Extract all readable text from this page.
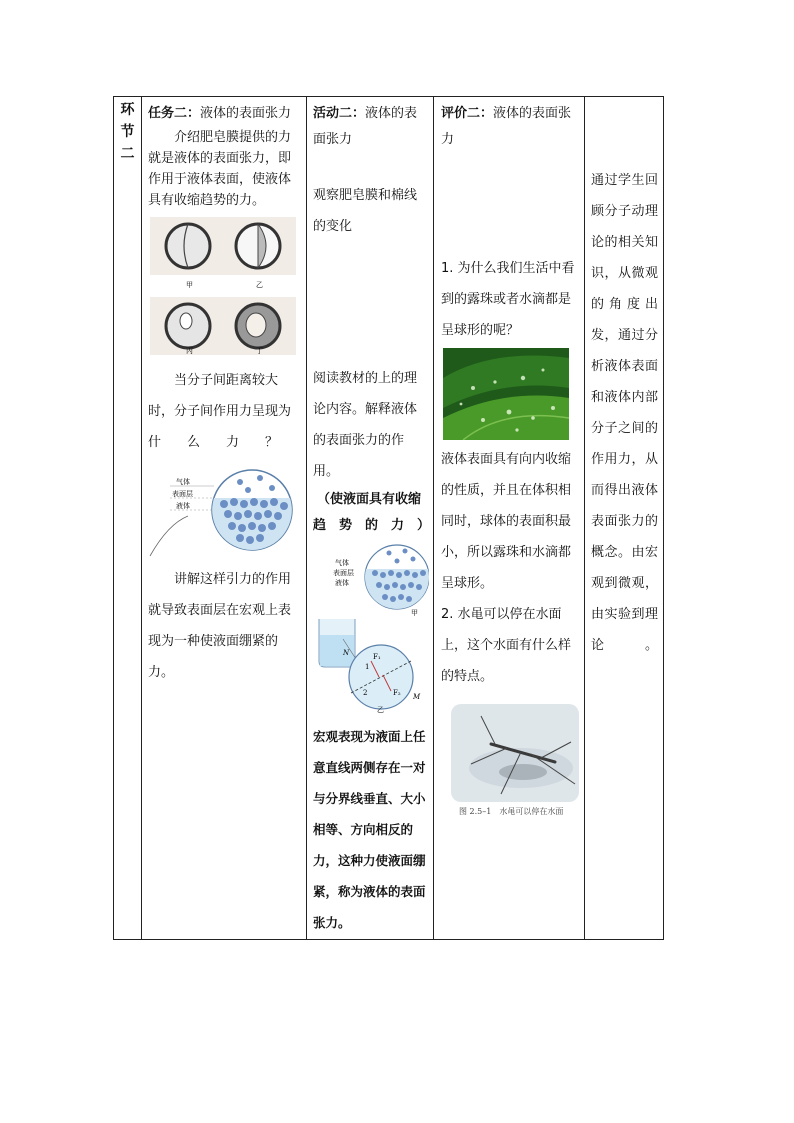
环节二

任务二：液体的表面张力

介绍肥皂膜提供的力就是液体的表面张力，即作用于液体表面，使液体具有收缩趋势的力。

甲	乙
丙	丁

当分子间距离较大

时，分子间作用力呈现为

什　　么　　力　　？

气体
表面层
液体

讲解这样引力的作用就导致表面层在宏观上表现为一种使液面绷紧的力。

活动二：液体的表面张力

观察肥皂膜和棉线的变化

阅读教材的上的理论内容。解释液体的表面张力的作用。

（使液面具有收缩

趋　势　的　力　）

气体
表面层
液体
甲
N
M
1
2
F₁
F₂
乙

宏观表现为液面上任意直线两侧存在一对与分界线垂直、大小相等、方向相反的力，这种力使液面绷紧，称为液体的表面张力。

评价二：液体的表面张力

1. 为什么我们生活中看到的露珠或者水滴都是呈球形的呢？

液体表面具有向内收缩的性质，并且在体积相同时，球体的表面积最小，所以露珠和水滴都呈球形。

2. 水黾可以停在水面上，这个水面有什么样的特点。

图 2.5–1　水黾可以停在水面

通过学生回顾分子动理论的相关知识，从微观的角度出发，通过分析液体表面和液体内部分子之间的作用力，从而得出液体表面张力的概念。由宏观到微观，由实验到理论。
